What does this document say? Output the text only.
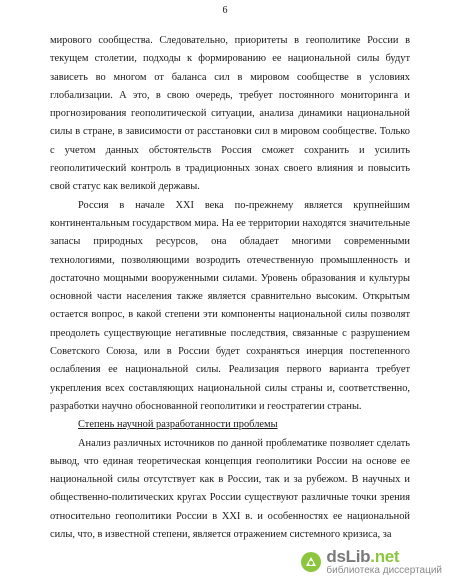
6

мирового сообщества. Следовательно, приоритеты в геополитике России в текущем столетии, подходы к формированию ее национальной силы будут зависеть во многом от баланса сил в мировом сообществе в условиях глобализации. А это, в свою очередь, требует постоянного мониторинга и прогнозирования геополитической ситуации, анализа динамики национальной силы в стране, в зависимости от расстановки сил в мировом сообществе. Только с учетом данных обстоятельств Россия сможет сохранить и усилить геополитический контроль в традиционных зонах своего влияния и повысить свой статус как великой державы.

Россия в начале XXI века по-прежнему является крупнейшим континентальным государством мира. На ее территории находятся значительные запасы природных ресурсов, она обладает многими современными технологиями, позволяющими возродить отечественную промышленность и достаточно мощными вооруженными силами. Уровень образования и культуры основной части населения также является сравнительно высоким. Открытым остается вопрос, в какой степени эти компоненты национальной силы позволят преодолеть существующие негативные последствия, связанные с разрушением Советского Союза, или в России будет сохраняться инерция постепенного ослабления ее национальной силы. Реализация первого варианта требует укрепления всех составляющих национальной силы страны и, соответственно, разработки научно обоснованной геополитики и геостратегии страны.

Степень научной разработанности проблемы

Анализ различных источников по данной проблематике позволяет сделать вывод, что единая теоретическая концепция геополитики России на основе ее национальной силы отсутствует как в России, так и за рубежом. В научных и общественно-политических кругах России существуют различные точки зрения относительно геополитики России в XXI в. и особенностях ее национальной силы, что, в известной степени, является отражением системного кризиса, за

dsLib.net
библиотека диссертаций
